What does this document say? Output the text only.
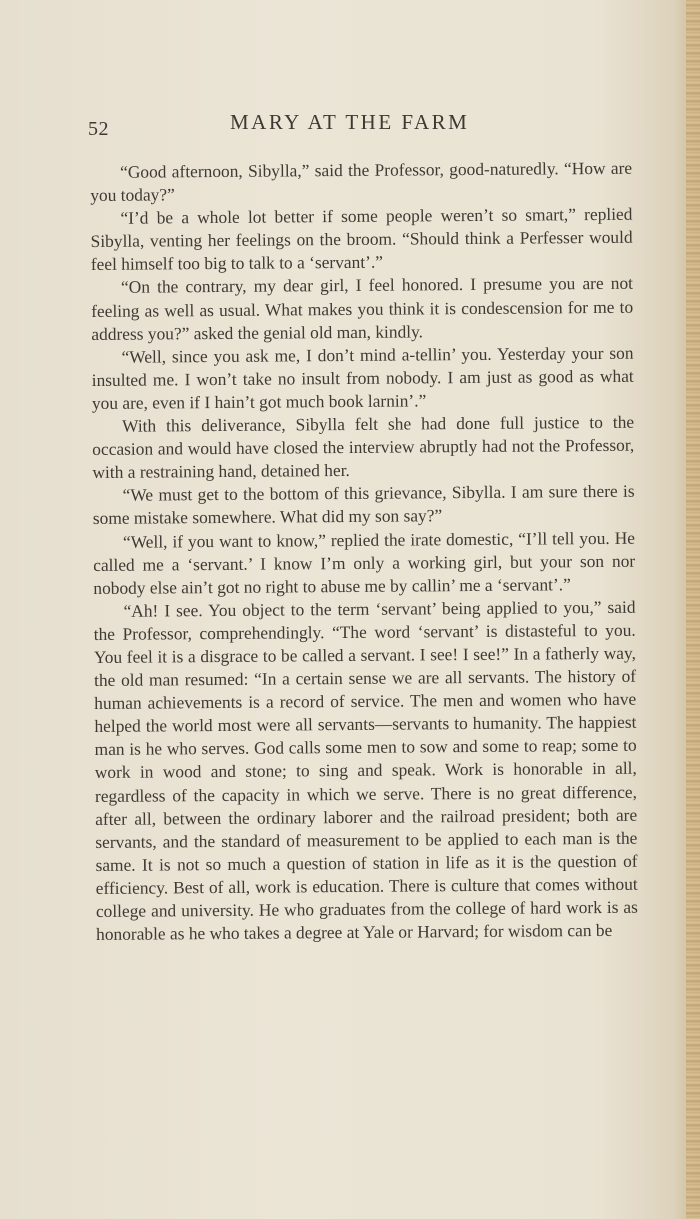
52	MARY AT THE FARM

“Good afternoon, Sibylla,” said the Professor, good-naturedly. “How are you today?”

“I’d be a whole lot better if some people weren’t so smart,” replied Sibylla, venting her feelings on the broom. “Should think a Perfesser would feel himself too big to talk to a ‘servant’.”

“On the contrary, my dear girl, I feel honored. I presume you are not feeling as well as usual. What makes you think it is condescension for me to address you?” asked the genial old man, kindly.

“Well, since you ask me, I don’t mind a-tellin’ you. Yesterday your son insulted me. I won’t take no insult from nobody. I am just as good as what you are, even if I hain’t got much book larnin’.”

With this deliverance, Sibylla felt she had done full justice to the occasion and would have closed the interview abruptly had not the Professor, with a restraining hand, detained her.

“We must get to the bottom of this grievance, Sibylla. I am sure there is some mistake somewhere. What did my son say?”

“Well, if you want to know,” replied the irate domestic, “I’ll tell you. He called me a ‘servant.’ I know I’m only a working girl, but your son nor nobody else ain’t got no right to abuse me by callin’ me a ‘servant’.”

“Ah! I see. You object to the term ‘servant’ being applied to you,” said the Professor, comprehendingly. “The word ‘servant’ is distasteful to you. You feel it is a disgrace to be called a servant. I see! I see!” In a fatherly way, the old man resumed: “In a certain sense we are all servants. The history of human achievements is a record of service. The men and women who have helped the world most were all servants—servants to humanity. The happiest man is he who serves. God calls some men to sow and some to reap; some to work in wood and stone; to sing and speak. Work is honorable in all, regardless of the capacity in which we serve. There is no great difference, after all, between the ordinary laborer and the railroad president; both are servants, and the standard of measurement to be applied to each man is the same. It is not so much a question of station in life as it is the question of efficiency. Best of all, work is education. There is culture that comes without college and university. He who graduates from the college of hard work is as honorable as he who takes a degree at Yale or Harvard; for wisdom can be
